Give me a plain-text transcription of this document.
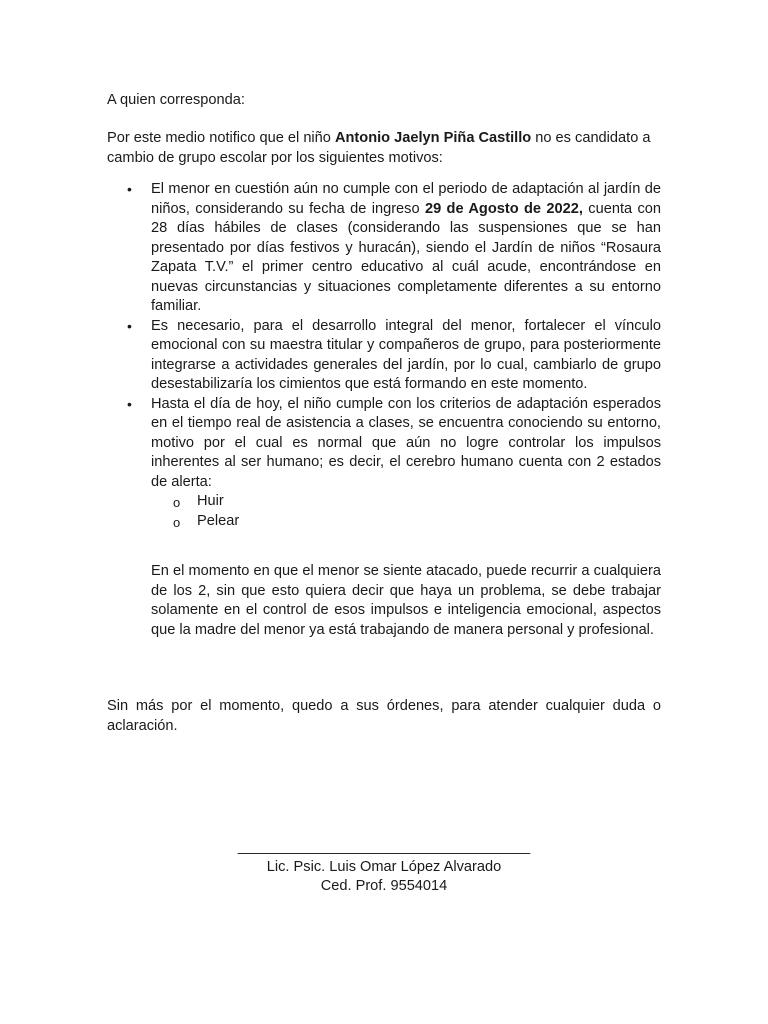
A quien corresponda:
Por este medio notifico que el niño Antonio Jaelyn Piña Castillo no es candidato a cambio de grupo escolar por los siguientes motivos:
• El menor en cuestión aún no cumple con el periodo de adaptación al jardín de niños, considerando su fecha de ingreso 29 de Agosto de 2022, cuenta con 28 días hábiles de clases (considerando las suspensiones que se han presentado por días festivos y huracán), siendo el Jardín de niños “Rosaura Zapata T.V.” el primer centro educativo al cuál acude, encontrándose en nuevas circunstancias y situaciones completamente diferentes a su entorno familiar.
• Es necesario, para el desarrollo integral del menor, fortalecer el vínculo emocional con su maestra titular y compañeros de grupo, para posteriormente integrarse a actividades generales del jardín, por lo cual, cambiarlo de grupo desestabilizaría los cimientos que está formando en este momento.
• Hasta el día de hoy, el niño cumple con los criterios de adaptación esperados en el tiempo real de asistencia a clases, se encuentra conociendo su entorno, motivo por el cual es normal que aún no logre controlar los impulsos inherentes al ser humano; es decir, el cerebro humano cuenta con 2 estados de alerta:
o Huir
o Pelear
En el momento en que el menor se siente atacado, puede recurrir a cualquiera de los 2, sin que esto quiera decir que haya un problema, se debe trabajar solamente en el control de esos impulsos e inteligencia emocional, aspectos que la madre del menor ya está trabajando de manera personal y profesional.
Sin más por el momento, quedo a sus órdenes, para atender cualquier duda o aclaración.
____________________________________
Lic. Psic. Luis Omar López Alvarado
Ced. Prof. 9554014
